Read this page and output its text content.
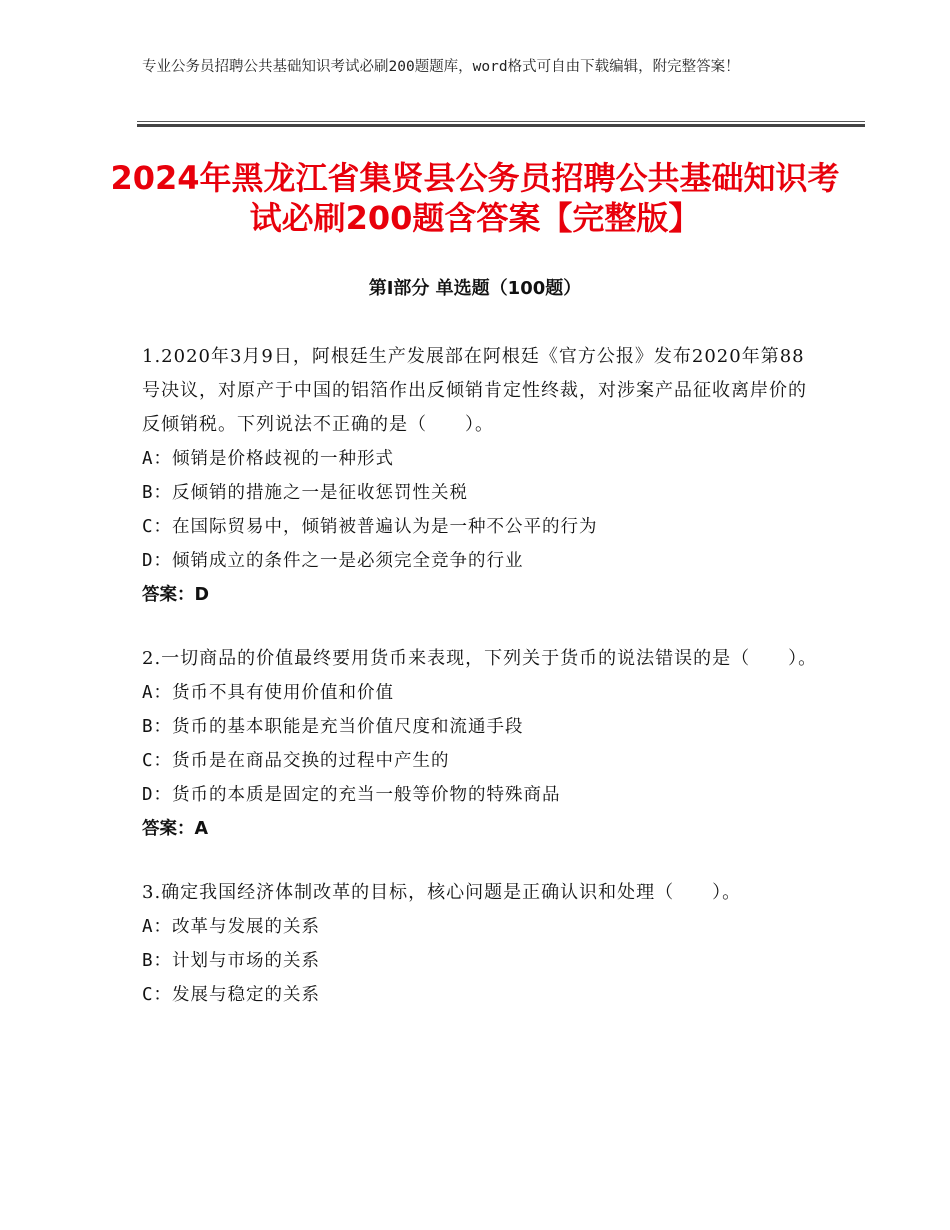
专业公务员招聘公共基础知识考试必刷200题题库，word格式可自由下载编辑，附完整答案！
2024年黑龙江省集贤县公务员招聘公共基础知识考试必刷200题含答案【完整版】
第Ⅰ部分 单选题（100题）
1.2020年3月9日，阿根廷生产发展部在阿根廷《官方公报》发布2020年第88号决议，对原产于中国的铝箔作出反倾销肯定性终裁，对涉案产品征收离岸价的反倾销税。下列说法不正确的是（　　）。
A：倾销是价格歧视的一种形式
B：反倾销的措施之一是征收惩罚性关税
C：在国际贸易中，倾销被普遍认为是一种不公平的行为
D：倾销成立的条件之一是必须完全竞争的行业
答案：D
2.一切商品的价值最终要用货币来表现，下列关于货币的说法错误的是（　　）。
A：货币不具有使用价值和价值
B：货币的基本职能是充当价值尺度和流通手段
C：货币是在商品交换的过程中产生的
D：货币的本质是固定的充当一般等价物的特殊商品
答案：A
3.确定我国经济体制改革的目标，核心问题是正确认识和处理（　　）。
A：改革与发展的关系
B：计划与市场的关系
C：发展与稳定的关系
